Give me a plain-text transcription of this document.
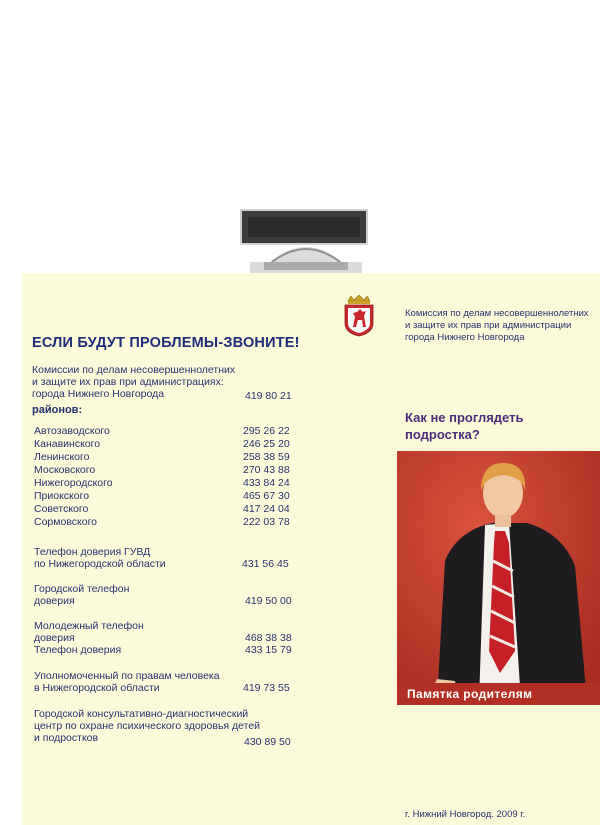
ЕСЛИ БУДУТ ПРОБЛЕМЫ-ЗВОНИТЕ!
Комиссии по делам несовершеннолетних
и защите их прав при администрациях:
города Нижнего Новгорода	419 80 21
районов:
Автозаводского	295 26 22
Канавинского	246 25 20
Ленинского	258 38 59
Московского	270 43 88
Нижегородского	433 84 24
Приокского	465 67 30
Советского	417 24 04
Сормовского	222 03 78
Телефон доверия ГУВД
по Нижегородской области	431 56 45
Городской телефон
доверия	419 50 00
Молодежный телефон
доверия	468 38 38
Телефон доверия	433 15 79
Уполномоченный по правам человека
в Нижегородской области	419 73 55
Городской консультативно-диагностический
центр по охране психического здоровья детей
и подростков	430 89 50
Комиссия по делам несовершеннолетних
и защите их прав при администрации
города Нижнего Новгорода
Как не проглядеть
подростка?
Памятка родителям
г. Нижний Новгород. 2009 г.
